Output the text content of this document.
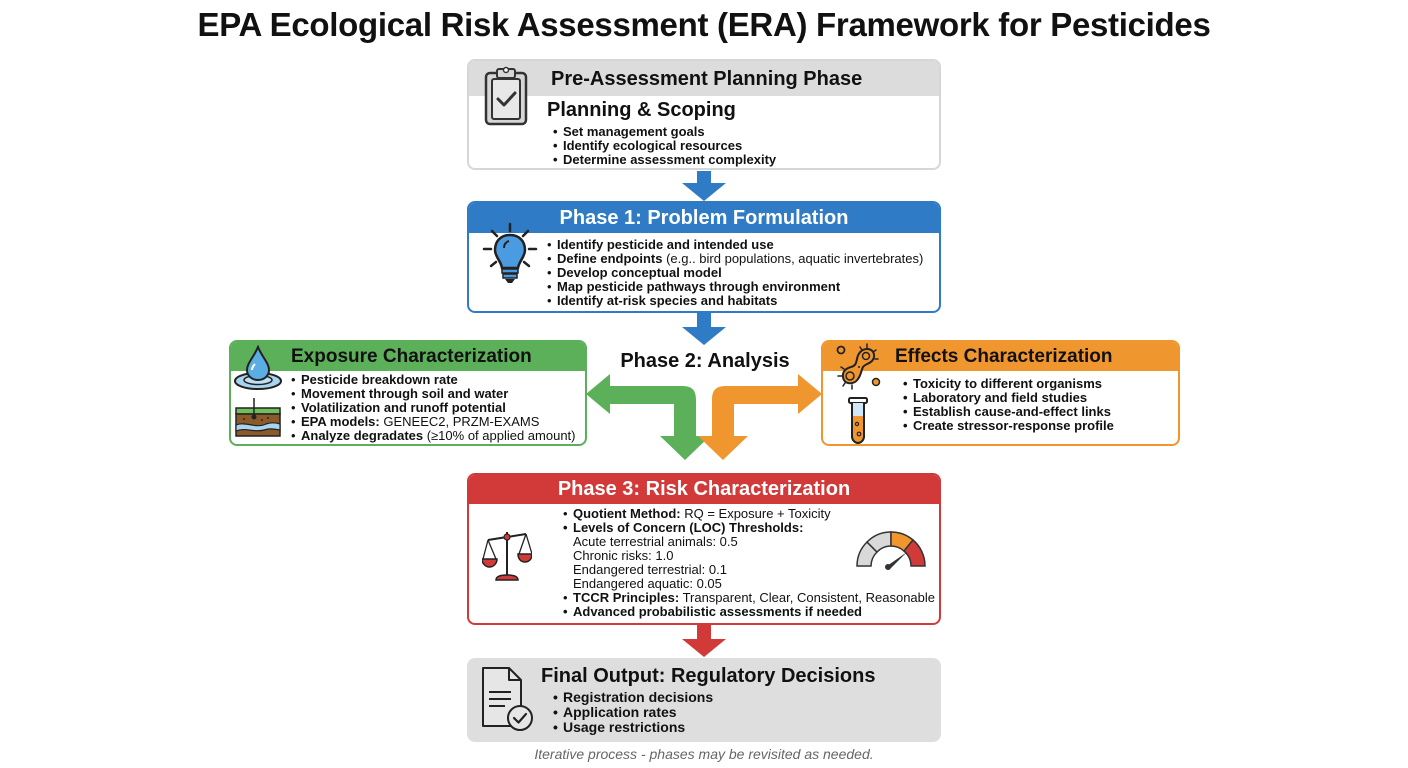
EPA Ecological Risk Assessment (ERA) Framework for Pesticides
Pre-Assessment Planning Phase
Planning & Scoping
• Set management goals
• Identify ecological resources
• Determine assessment complexity
Phase 1: Problem Formulation
• Identify pesticide and intended use
• Define endpoints (e.g.. bird populations, aquatic invertebrates)
• Develop conceptual model
• Map pesticide pathways through environment
• Identify at-risk species and habitats
Phase 2: Analysis
Exposure Characterization
• Pesticide breakdown rate
• Movement through soil and water
• Volatilization and runoff potential
• EPA models: GENEEC2, PRZM-EXAMS
• Analyze degradates (≥10% of applied amount)
Effects Characterization
• Toxicity to different organisms
• Laboratory and field studies
• Establish cause-and-effect links
• Create stressor-response profile
Phase 3: Risk Characterization
• Quotient Method: RQ = Exposure + Toxicity
• Levels of Concern (LOC) Thresholds:
Acute terrestrial animals: 0.5
Chronic risks: 1.0
Endangered terrestrial: 0.1
Endangered aquatic: 0.05
• TCCR Principles: Transparent, Clear, Consistent, Reasonable
• Advanced probabilistic assessments if needed
Final Output: Regulatory Decisions
• Registration decisions
• Application rates
• Usage restrictions
Iterative process - phases may be revisited as needed.
